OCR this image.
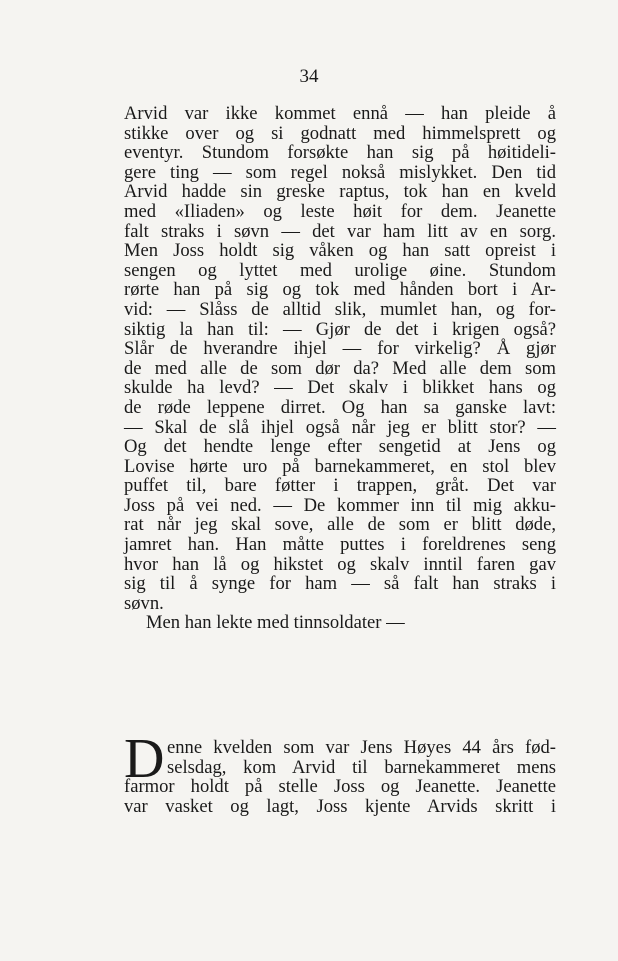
34
Arvid var ikke kommet ennå — han pleide å
stikke over og si godnatt med himmelsprett og
eventyr. Stundom forsøkte han sig på høitideli-
gere ting — som regel nokså mislykket. Den tid
Arvid hadde sin greske raptus, tok han en kveld
med «Iliaden» og leste høit for dem. Jeanette
falt straks i søvn — det var ham litt av en sorg.
Men Joss holdt sig våken og han satt opreist i
sengen og lyttet med urolige øine. Stundom
rørte han på sig og tok med hånden bort i Ar-
vid: — Slåss de alltid slik, mumlet han, og for-
siktig la han til: — Gjør de det i krigen også?
Slår de hverandre ihjel — for virkelig? Å gjør
de med alle de som dør da? Med alle dem som
skulde ha levd? — Det skalv i blikket hans og
de røde leppene dirret. Og han sa ganske lavt:
— Skal de slå ihjel også når jeg er blitt stor? —
Og det hendte lenge efter sengetid at Jens og
Lovise hørte uro på barnekammeret, en stol blev
puffet til, bare føtter i trappen, gråt. Det var
Joss på vei ned. — De kommer inn til mig akku-
rat når jeg skal sove, alle de som er blitt døde,
jamret han. Han måtte puttes i foreldrenes seng
hvor han lå og hikstet og skalv inntil faren gav
sig til å synge for ham — så falt han straks i
søvn.
Men han lekte med tinnsoldater —
D enne kvelden som var Jens Høyes 44 års fød-
selsdag, kom Arvid til barnekammeret mens
farmor holdt på stelle Joss og Jeanette. Jeanette
var vasket og lagt, Joss kjente Arvids skritt i
